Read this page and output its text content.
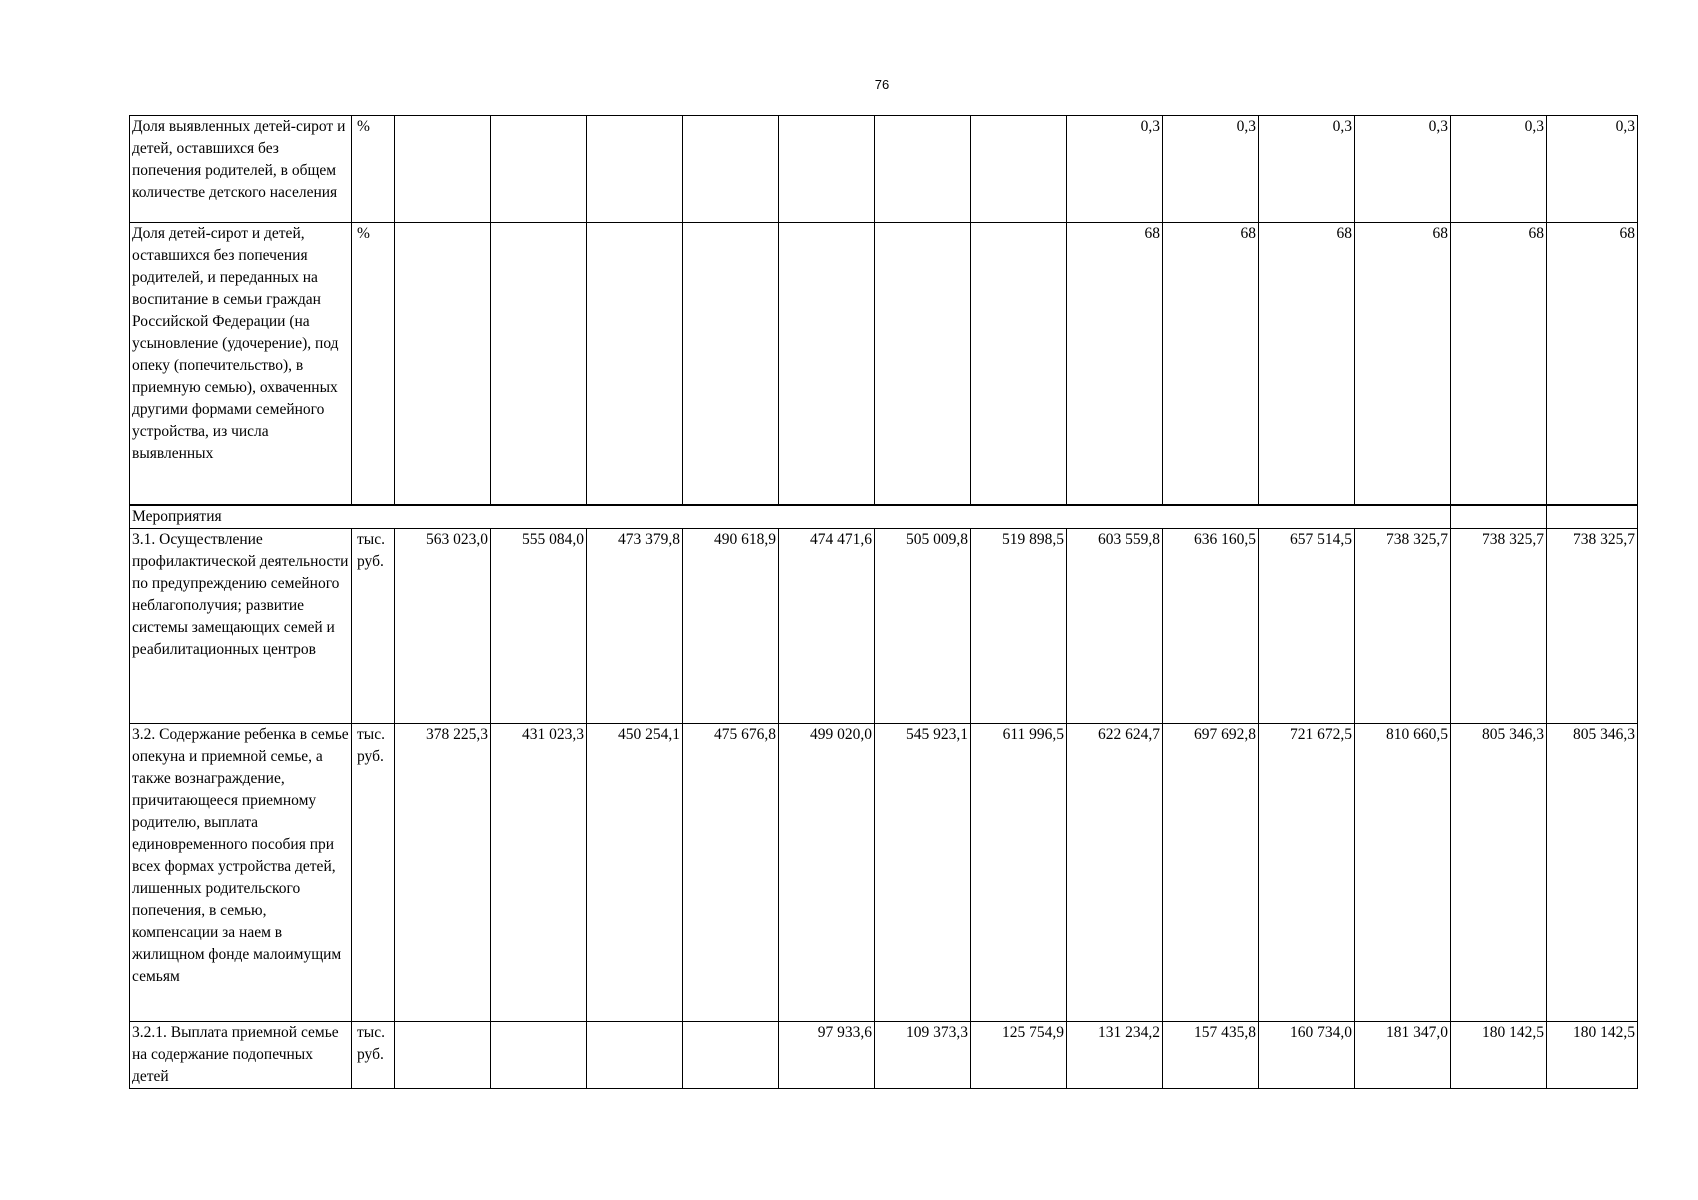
76
Доля выявленных детей-сирот и детей, оставшихся без попечения родителей, в общем количестве детского населения	%								0,3	0,3	0,3	0,3	0,3	0,3
Доля детей-сирот и детей, оставшихся без попечения родителей, и переданных на воспитание в семьи граждан Российской Федерации (на усыновление (удочерение), под опеку (попечительство), в приемную семью), охваченных другими формами семейного устройства, из числа выявленных	%								68	68	68	68	68	68
Мероприятия														
3.1. Осуществление профилактической деятельности по предупреждению семейного неблагополучия; развитие системы замещающих семей и реабилитационных центров	тыс. руб.	563 023,0	555 084,0	473 379,8	490 618,9	474 471,6	505 009,8	519 898,5	603 559,8	636 160,5	657 514,5	738 325,7	738 325,7	738 325,7
3.2. Содержание ребенка в семье опекуна и приемной семье, а также вознаграждение, причитающееся приемному родителю, выплата единовременного пособия при всех формах устройства детей, лишенных родительского попечения, в семью, компенсации за наем в жилищном фонде малоимущим семьям	тыс. руб.	378 225,3	431 023,3	450 254,1	475 676,8	499 020,0	545 923,1	611 996,5	622 624,7	697 692,8	721 672,5	810 660,5	805 346,3	805 346,3
3.2.1. Выплата приемной семье на содержание подопечных детей	тыс. руб.					97 933,6	109 373,3	125 754,9	131 234,2	157 435,8	160 734,0	181 347,0	180 142,5	180 142,5
